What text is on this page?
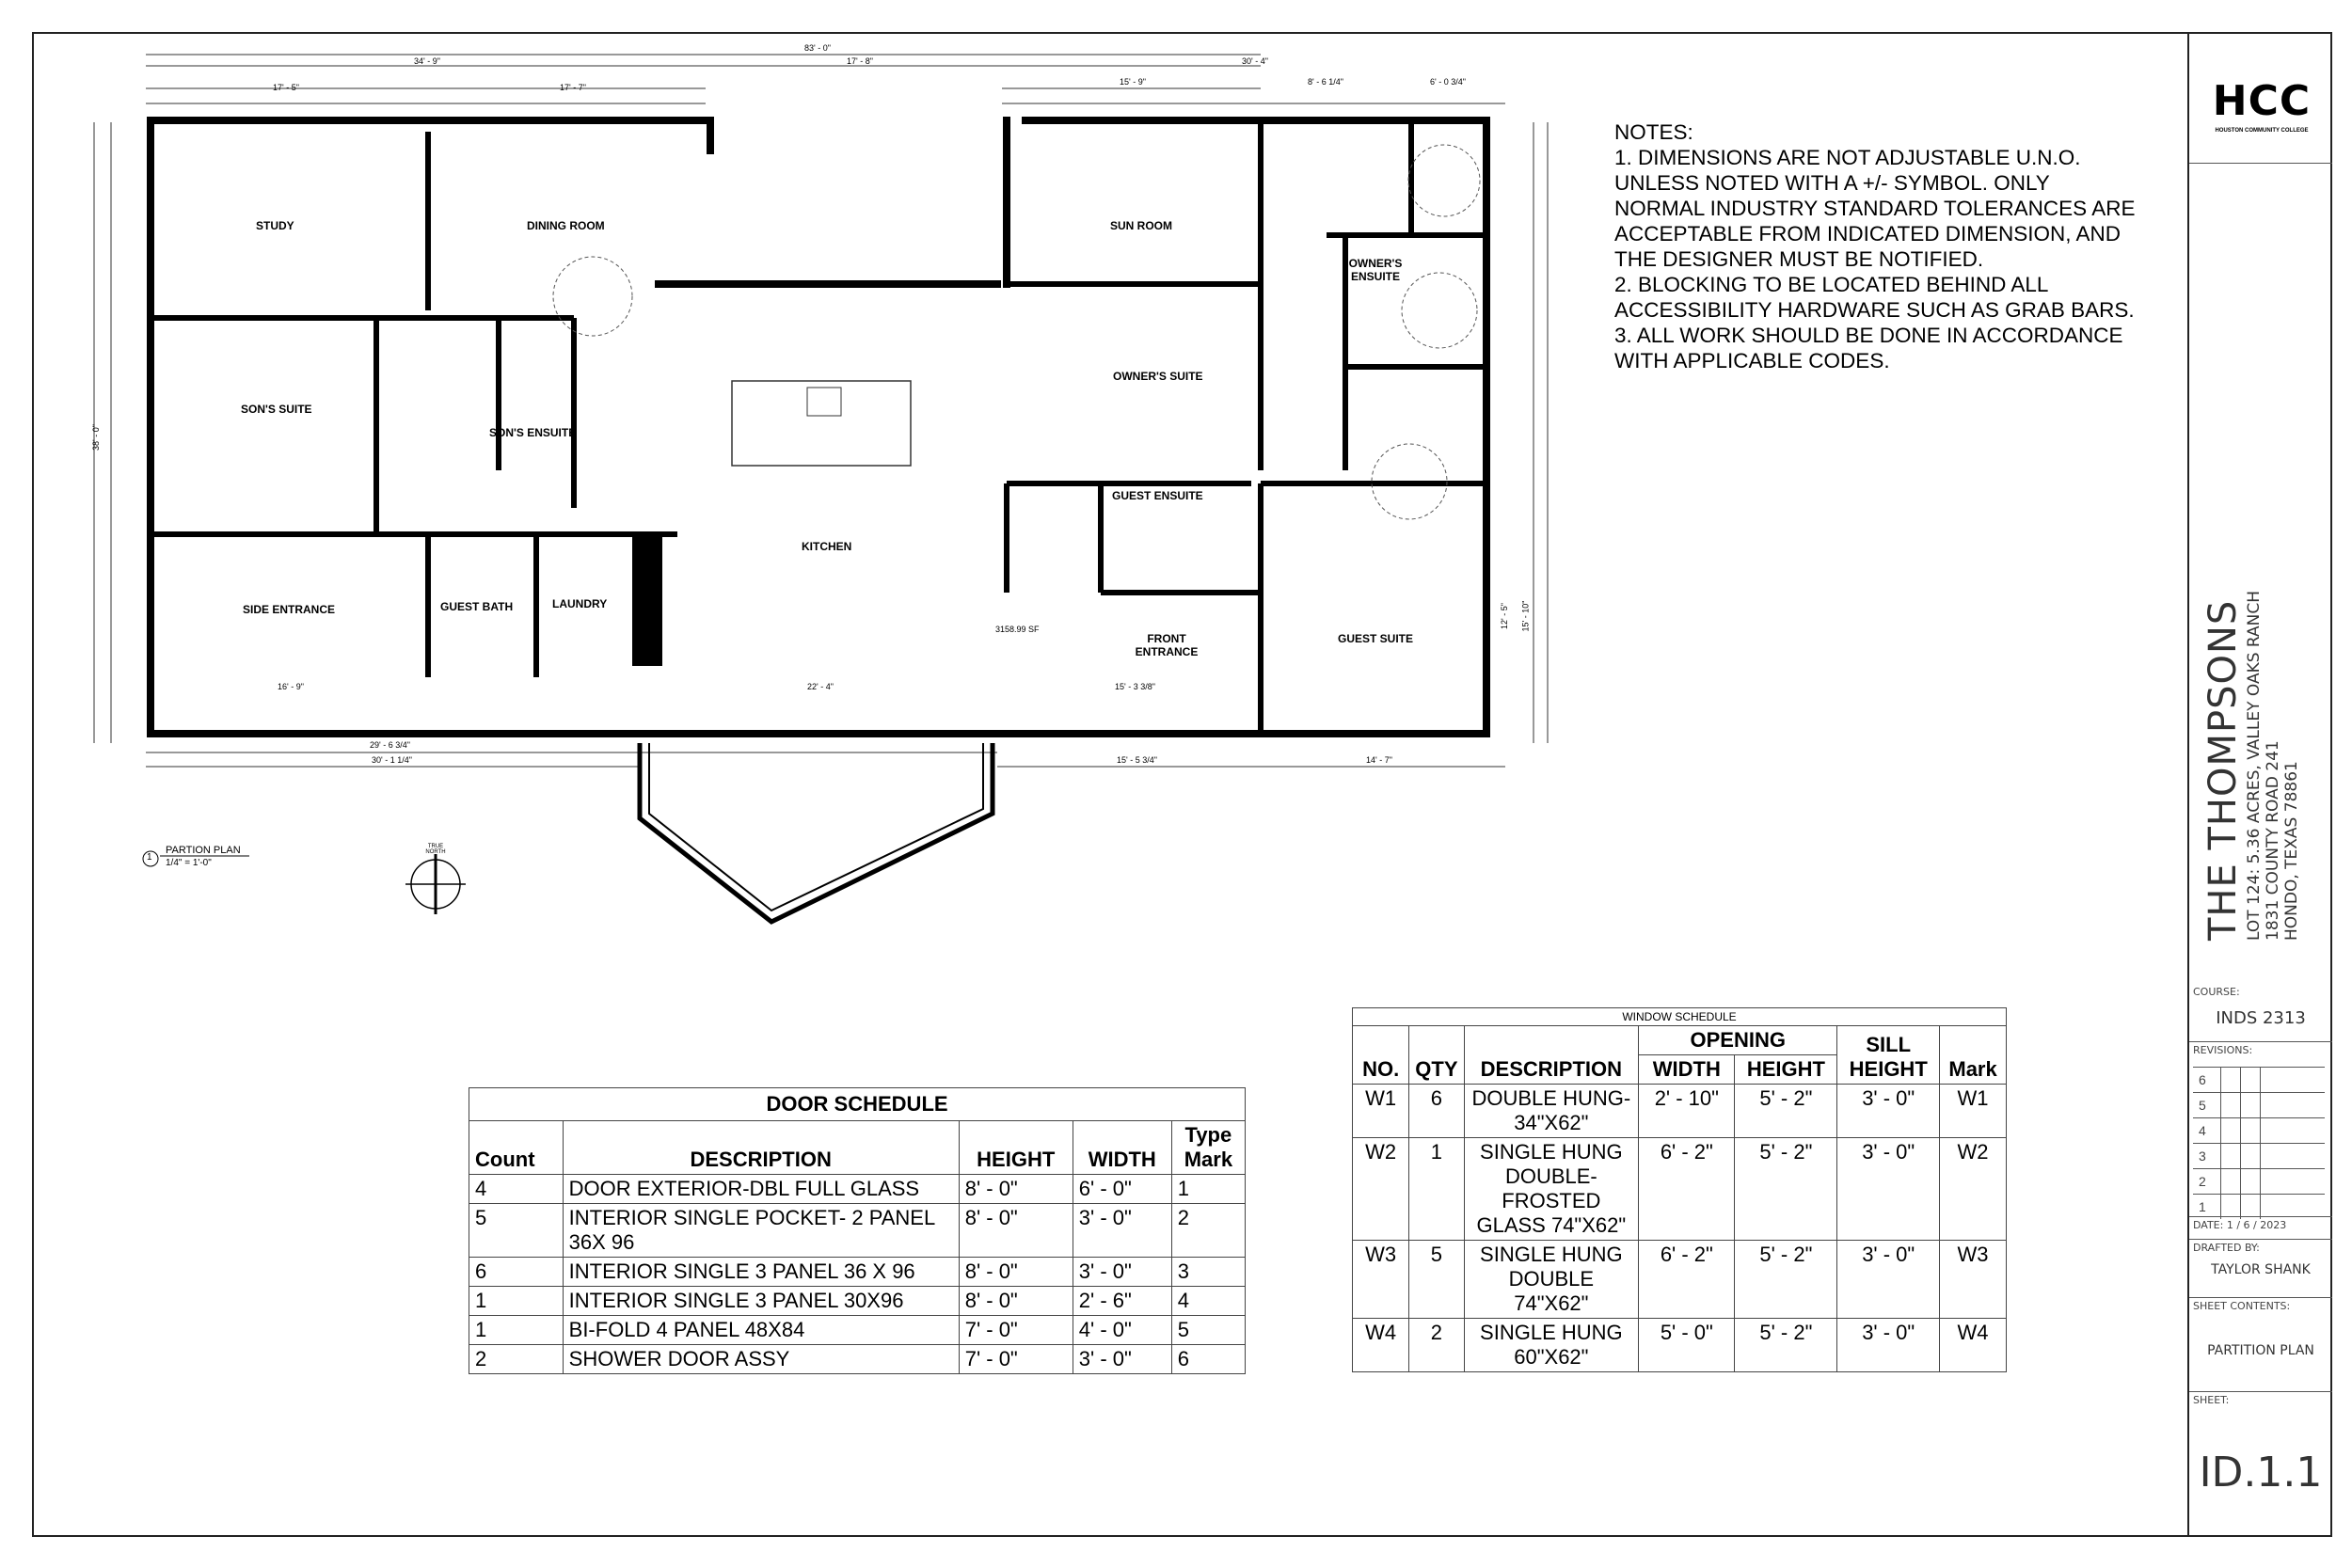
83' - 0"
34' - 9"	17' - 8"	30' - 4"
17' - 5"	17' - 7"
15' - 9"	8' - 6 1/4"	6' - 0 3/4"
16' - 9"	22' - 4"	15' - 3 3/8"
29' - 6 3/4"
30' - 1 1/4"	15' - 5 3/4"	14' - 7"
38' - 0"
12' - 5" 15' - 10"
STUDY	DINING ROOM	SUN ROOM
OWNER'S SUITE
OWNER'S ENSUITE
SON'S SUITE
SON'S ENSUITE
KITCHEN
GUEST ENSUITE
SIDE ENTRANCE	GUEST BATH	LAUNDRY
FRONT ENTRANCE
GUEST SUITE
3158.99 SF
1
PARTION PLAN
1/4" = 1'-0"
TRUE NORTH
NOTES:
1. DIMENSIONS ARE NOT ADJUSTABLE U.N.O. UNLESS NOTED WITH A +/- SYMBOL. ONLY NORMAL INDUSTRY STANDARD TOLERANCES ARE ACCEPTABLE FROM INDICATED DIMENSION, AND THE DESIGNER MUST BE NOTIFIED.
2. BLOCKING TO BE LOCATED BEHIND ALL ACCESSIBILITY HARDWARE SUCH AS GRAB BARS.
3. ALL WORK SHOULD BE DONE IN ACCORDANCE WITH APPLICABLE CODES.
DOOR SCHEDULE
Count	DESCRIPTION	HEIGHT	WIDTH	Type Mark
4	DOOR EXTERIOR-DBL FULL GLASS	8' - 0"	6' - 0"	1
5	INTERIOR SINGLE POCKET- 2 PANEL 36X 96	8' - 0"	3' - 0"	2
6	INTERIOR SINGLE 3 PANEL 36 X 96	8' - 0"	3' - 0"	3
1	INTERIOR SINGLE 3 PANEL 30X96	8' - 0"	2' - 6"	4
1	BI-FOLD 4 PANEL 48X84	7' - 0"	4' - 0"	5
2	SHOWER DOOR ASSY	7' - 0"	3' - 0"	6
WINDOW SCHEDULE						
NO.	QTY	DESCRIPTION	OPENING		SILL HEIGHT	Mark
			WIDTH	HEIGHT		
W1	6	DOUBLE HUNG- 34"X62"	2' - 10"	5' - 2"	3' - 0"	W1
W2	1	SINGLE HUNG DOUBLE-FROSTED GLASS 74"X62"	6' - 2"	5' - 2"	3' - 0"	W2
W3	5	SINGLE HUNG DOUBLE 74"X62"	6' - 2"	5' - 2"	3' - 0"	W3
W4	2	SINGLE HUNG 60"X62"	5' - 0"	5' - 2"	3' - 0"	W4
HCC
HOUSTON COMMUNITY COLLEGE
COURSE:
INDS 2313
REVISIONS:
6
5
4
3
2
1
DATE: 1 / 6 / 2023
DRAFTED BY:
TAYLOR SHANK
SHEET CONTENTS:
PARTITION PLAN
SHEET:
ID.1.1
THE THOMPSONS LOT 124: 5.36 ACRES, VALLEY OAKS RANCH 1831 COUNTY ROAD 241 HONDO, TEXAS 78861
